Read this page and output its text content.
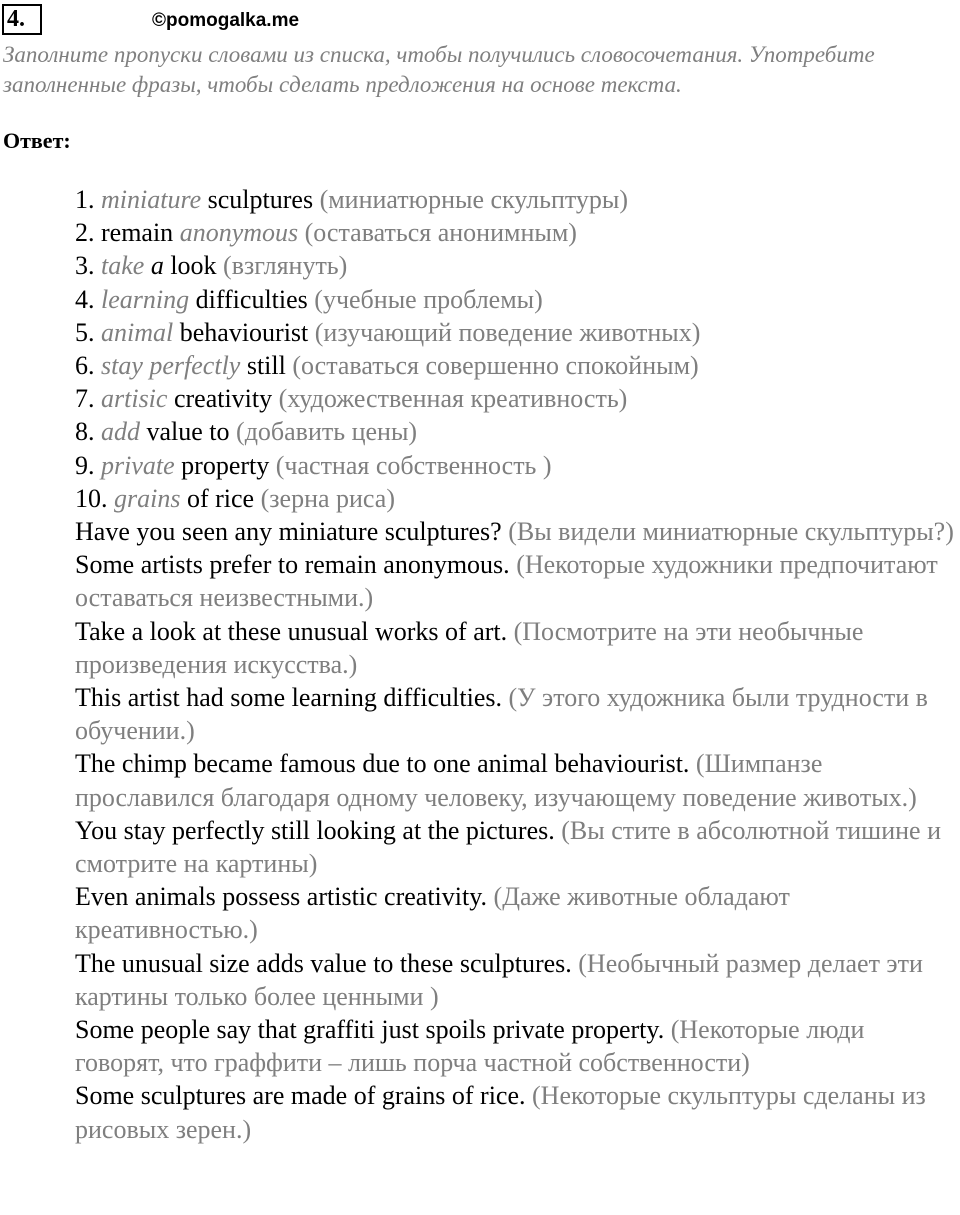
4.	©pomogalka.me
Заполните пропуски словами из списка, чтобы получились словосочетания. Употребите заполненные фразы, чтобы сделать предложения на основе текста.
Ответ:
1. miniature sculptures (миниатюрные скульптуры)
2. remain anonymous (оставаться анонимным)
3. take a look (взглянуть)
4. learning difficulties (учебные проблемы)
5. animal behaviourist (изучающий поведение животных)
6. stay perfectly still (оставаться совершенно спокойным)
7. artisic creativity (художественная креативность)
8. add value to (добавить цены)
9. private property (частная собственность )
10. grains of rice (зерна риса)

Have you seen any miniature sculptures? (Вы видели миниатюрные скульптуры?)

Some artists prefer to remain anonymous. (Некоторые художники предпочитают оставаться неизвестными.)

Take a look at these unusual works of art. (Посмотрите на эти необычные произведения искусства.)

This artist had some learning difficulties. (У этого художника были трудности в обучении.)

The chimp became famous due to one animal behaviourist. (Шимпанзе прославился благодаря одному человеку, изучающему поведение животых.)

You stay perfectly still looking at the pictures. (Вы стите в абсолютной тишине и смотрите на картины)

Even animals possess artistic creativity. (Даже животные обладают креативностью.)

The unusual size adds value to these sculptures. (Необычный размер делает эти картины только более ценными )

Some people say that graffiti just spoils private property. (Некоторые люди говорят, что граффити – лишь порча частной собственности)

Some sculptures are made of grains of rice. (Некоторые скульптуры сделаны из рисовых зерен.)
